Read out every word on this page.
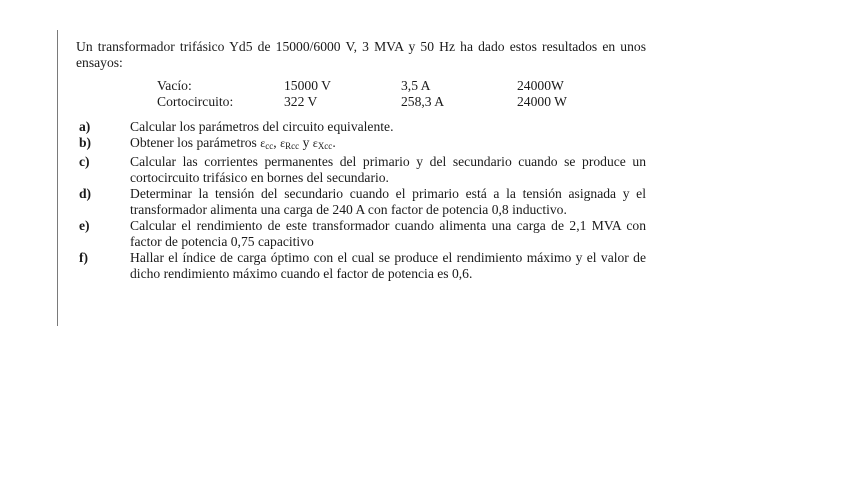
Un transformador trifásico Yd5 de 15000/6000 V, 3 MVA y 50 Hz ha dado estos resultados en unos ensayos:

Vacío:	15000 V	3,5 A	24000W
Cortocircuito:	322 V	258,3 A	24000 W
a)	Calcular los parámetros del circuito equivalente.
b)	Obtener los parámetros $\varepsilon_{cc}$, $\varepsilon_{Rcc}$ y $\varepsilon_{Xcc}$.
c)	Calcular las corrientes permanentes del primario y del secundario cuando se produce un cortocircuito trifásico en bornes del secundario.
d)	Determinar la tensión del secundario cuando el primario está a la tensión asignada y el transformador alimenta una carga de 240 A con factor de potencia 0,8 inductivo.
e)	Calcular el rendimiento de este transformador cuando alimenta una carga de 2,1 MVA con factor de potencia 0,75 capacitivo
f)	Hallar el índice de carga óptimo con el cual se produce el rendimiento máximo y el valor de dicho rendimiento máximo cuando el factor de potencia es 0,6.
